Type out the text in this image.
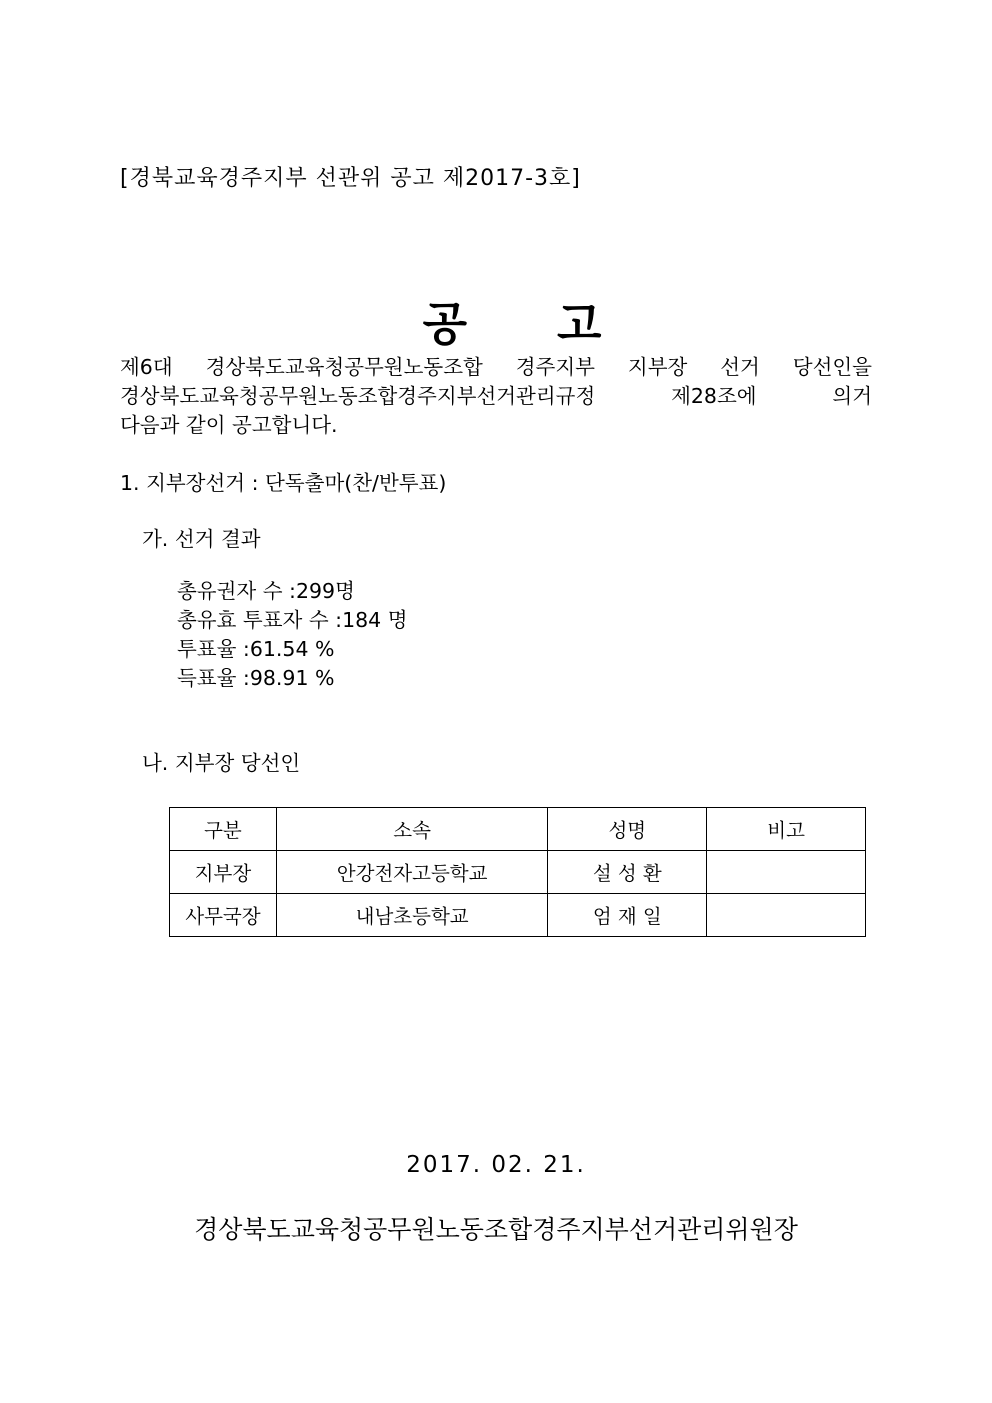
[경북교육경주지부 선관위 공고 제2017-3호]

공 고

제6대 경상북도교육청공무원노동조합 경주지부 지부장 선거 당선인을
경상북도교육청공무원노동조합경주지부선거관리규정 제28조에 의거
다음과 같이 공고합니다.
1. 지부장선거 : 단독출마(찬/반투표)
가. 선거 결과
총유권자 수 :299명
총유효 투표자 수 :184 명
투표율 :61.54 %
득표율 :98.91 %
나. 지부장 당선인
구분	소속	성명	비고
지부장	안강전자고등학교	설 성 환	
사무국장	내남초등학교	엄 재 일	
2017. 02. 21.
경상북도교육청공무원노동조합경주지부선거관리위원장
